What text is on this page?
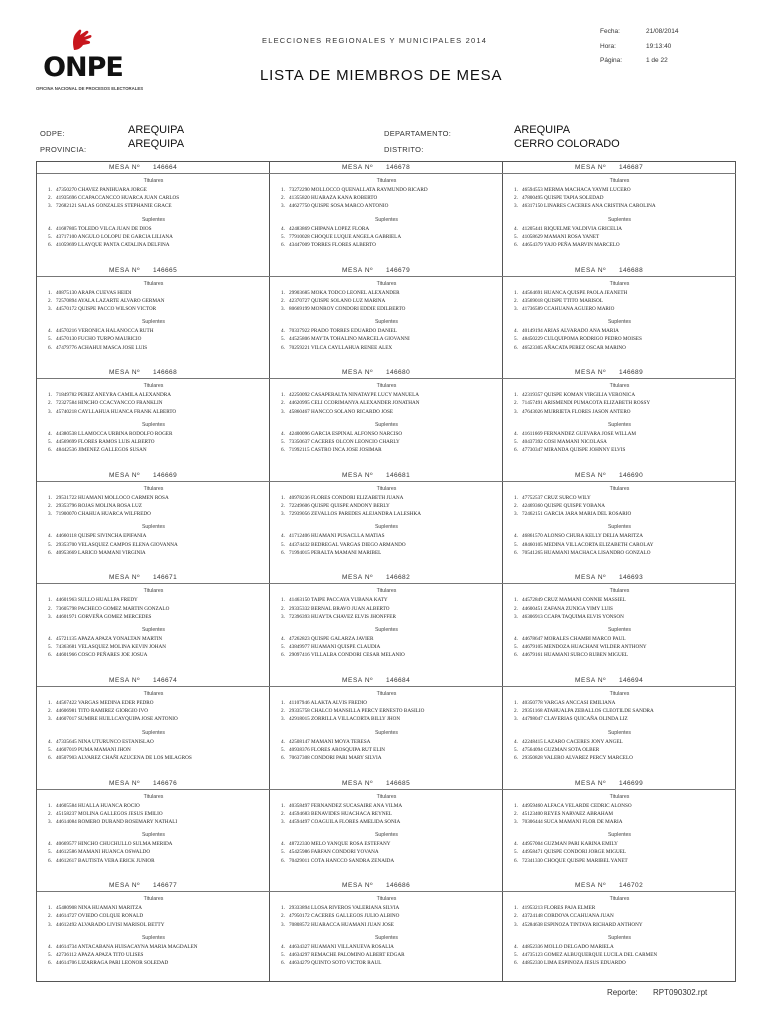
ONPE
OFICINA NACIONAL DE PROCESOS ELECTORALES
ELECCIONES REGIONALES Y MUNICIPALES 2014
LISTA DE MIEMBROS DE MESA
Fecha:	21/08/2014
Hora:	19:13:40
Página:	1 de 22
ODPE:	AREQUIPA
PROVINCIA:	AREQUIPA
DEPARTAMENTO:	AREQUIPA
DISTRITO:	CERRO COLORADO
MESA Nº 146664
Titulares
1. 47350270 CHAVEZ PANIHUARA JORGE
2. 41935696 CCAPACCANCCO HUARCA JUAN CARLOS
3. 72682121 SALAS GONZALES STEPHANIE GRACE
Suplentes
4. 41687805 TOLEDO VILCA JUAN DE DIOS
5. 43717100 ANGULO LOLOPU DE GARCIA LILIANA
6. 41059699 LLAYQUE PANTA CATALINA DELFINA
MESA Nº 146665
Titulares
1. 40875130 ARAPA CUEVAS HEIDI
2. 72570894 AYALA LAZARTE ALVARO GERMAN
3. 44570172 QUISPE PACCO WILSON VICTOR
Suplentes
4. 44570216 VERONICA HALANOCCA RUTH
5. 44570130 FUCHO TURPO MAURICIO
6. 47479776 ACHAHUI MASCA JOSE LUIS
MESA Nº 146668
Titulares
1. 71849782 PEREZ ANEYRA CAMILA ALEXANDRA
2. 72327584 HINCHO CCACYANCCO FRANKLIN
3. 45740218 CAYLLAHUA HUANCA FRANK ALBERTO
Suplentes
4. 44380538 LLAMOCCA URBINA RODOLFO ROGER
5. 44569699 FLORES RAMOS LUIS ALBERTO
6. 48442536 JIMENEZ GALLEGOS SUSAN
MESA Nº 146669
Titulares
1. 29531722 HUAMANI MOLLOCO CARMEN ROSA
2. 29353796 ROJAS MOLINA ROSA LUZ
3. 71900070 CHAHUA HUARCA WILFREDO
Suplentes
4. 44660118 QUISPE SIVINCHA EPIFANIA
5. 29353700 VELASQUEZ CAMPOS ELENA GIOVANNA
6. 40953669 LARICO MAMANI VIRGINIA
MESA Nº 146671
Titulares
1. 44601963 SULLO HUALLPA FREDY
2. 73605798 PACHECO GOMEZ MARTIN GONZALO
3. 44601971 GORVEÑA GOMEZ MERCEDES
Suplentes
4. 45721135 APAZA APAZA YONALTAN MARTIN
5. 74363681 VELASQUEZ MOLINA KEVIN JOHAN
6. 44601966 COSCO PEÑARES JOE JOSUA
MESA Nº 146674
Titulares
1. 44567422 VARGAS MEDINA EDER PEDRO
2. 44606981 TITO RAMIREZ GIORGIO IVO
3. 44607017 SUMIRE HUILLCAYQUIPA JOSE ANTONIO
Suplentes
4. 47335645 NINA UTURUNCO ESTANISLAO
5. 44607019 PUMA MAMANI JHON
6. 40507903 ALVAREZ CHAÑI AZUCENA DE LOS MILAGROS
MESA Nº 146676
Titulares
1. 44605584 HUALLA HUANCA ROCIO
2. 45158237 MOLINA GALLEGOS JESUS EMILIO
3. 44614084 ROMERO DURAND ROSEMARY NATHALI
Suplentes
4. 40669577 HINCHO CHUCHULLO SULMA MERIDA
5. 44612586 MAMANI HUANCA OSWALDO
6. 44612617 BAUTISTA VERA ERICK JUNIOR
MESA Nº 146677
Titulares
1. 45480908 NINA HUAMANI MARITZA
2. 44614727 OVIEDO COLQUE RONALD
3. 44612492 ALVARADO LIVISI MARISOL BETTY
Suplentes
4. 44614734 ANTACABANA HUISACAYNA MARIA MAGDALEN
5. 42736112 APAZA APAZA TITO ULISES
6. 44614706 LIZARRAGA PARI LEONOR SOLEDAD
MESA Nº 146678
Titulares
1. 73272290 MOLLOCCO QUENALLATA RAYMUNDO RICARD
2. 41355820 HUARAZA KANA ROBERTO
3. 44627750 QUISPE SOSA MARCO ANTONIO
Suplentes
4. 42483869 CHIPANA LOPEZ FLORA
5. 77910028 CHOQUE LUQUE ANGELA GABRIELA
6. 43447009 TORRES FLORES ALBERTO
MESA Nº 146679
Titulares
1. 29903685 MOKA TODCO LEONEL ALEXANDER
2. 42370727 QUISPE SOLANO LUZ MARINA
3. 80669199 MONROY CONDORI EDDIE EDILBERTO
Suplentes
4. 70337922 PRADO TORRES EDUARDO DANIEL
5. 44525806 MAYTA TOHALINO MARCELA GIOVANNI
6. 70259221 VILCA CAYLLAHUA RENEE ALEX
MESA Nº 146680
Titulares
1. 42250092 CASAPERALTA NINATAYPE LUCY MANUELA
2. 44620995 CELI CCORIMANYA ALEXANDER JONATHAN
3. 45860467 HANCCO SOLANO RICARDO JOSE
Suplentes
4. 42400096 GARCIA ESPINAL ALFONSO NARCISO
5. 73350637 CACERES OLCON LEONCIO CHARLY
6. 71992115 CASTRO INCA JOSE JOSIMAR
MESA Nº 146681
Titulares
1. 40978236 FLORES CONDORI ELIZABETH JUANA
2. 72249606 QUISPE QUISPE ANDONY BERLY
3. 72939056 ZEVALLOS PAREDES ALEJANDRA LALESHKA
Suplentes
4. 41712406 HUAMANI PUSACLLA MATIAS
5. 44374432 BEDREGAL VARGAS DIEGO ARMANDO
6. 71994015 PERALTA MAMANI MARIBEL
MESA Nº 146682
Titulares
1. 41463150 TAIPE PACCAYA YUBANA KATY
2. 29335332 BERNAL BRAVO JUAN ALBERTO
3. 72396393 HUAYTA CHAVEZ ELVIS JHONFFER
Suplentes
4. 47262823 QUISPE GALARZA JAVIER
5. 43849977 HUAMANI QUISPE CLAUDIA
6. 29097416 VILLALBA CONDORI CESAR MELANIO
MESA Nº 146684
Titulares
1. 41107946 ALAKTA ALVIS FREDIO
2. 29335758 CHALCO MANSILLA PERCY ERNESTO BASILIO
3. 42918015 ZORRILLA VILLACORTA BILLY JHON
Suplentes
4. 42508147 MAMANI MOYA TERESA
5. 40938376 FLORES AROSQUIPA RUT ELIN
6. 70637308 CONDORI PARI MARY SILVIA
MESA Nº 146685
Titulares
1. 40358497 FERNANDEZ SUCASAIRE ANA VILMA
2. 44594683 BENAVIDES HUACHACA REYNEL
3. 44594497 COAGUILA FLORES AMELIDA SONIA
Suplentes
4. 48722330 MELO YANQUE ROSA ESTEFANY
5. 45425986 FARFAN CONDORI YOVANA
6. 70429011 COTA HANCCO SANDRA ZENAIDA
MESA Nº 146686
Titulares
1. 29333894 LLOSA RIVEROS VALERIANA SILVIA
2. 47950172 CACERES GALLEGOS JULIO ALBINO
3. 70808572 HUARACCA HUAMANI JUAN JOSE
Suplentes
4. 44634327 HUAMANI VILLANUEVA ROSALIA
5. 44634297 REMACHE PALOMINO ALBERT EDGAR
6. 44634279 QUINTO SOTO VICTOR RAUL
MESA Nº 146687
Titulares
1. 46594553 MERMA MACHACA YAYMI LUCERO
2. 47800495 QUISPE TAPIA SOLEDAD
3. 46317150 LINARES CACERES ANA CRISTINA CAROLINA
Suplentes
4. 41205441 RIQUELME VALDIVIA GRICELIA
5. 41058629 MAMANI ROSA YANET
6. 44654379 YAJO PEÑA MARVIN MARCELO
MESA Nº 146688
Titulares
1. 44564691 HUANCA QUISPE PAOLA JEANETH
2. 43569018 QUISPE TTITO MARISOL
3. 41736589 CCAHUANA AGUERO MARIO
Suplentes
4. 40149194 ARIAS ALVARADO ANA MARIA
5. 48450229 CULQUIPOMA RODRIGO PEDRO MOISES
6. 46523305 AÑACATA PEREZ OSCAR MARINO
MESA Nº 146689
Titulares
1. 42319357 QUISPE KOMAN VIRGILIA VERONICA
2. 71457491 ARISMENDI PUMACOTA ELIZABETH ROSSY
3. 47643026 MURRIETA FLORES JASON ANTERO
Suplentes
4. 41611669 FERNANDEZ GUEVARA JOSE WILLAM
5. 40437392 COSI MAMANI NICOLASA
6. 47730347 MIRANDA QUISPE JOHNNY ELVIS
MESA Nº 146690
Titulares
1. 47752537 CRUZ SURCO WILY
2. 42469360 QUISPE QUISPE YOBANA
3. 72462151 GARCIA JARA MARIA DEL ROSARIO
Suplentes
4. 46861570 ALONSO CHURA KELLY DELIA MARITZA
5. 48460105 MEDINA VILLACORTA ELIZABETH CAROLAY
6. 70541265 HUAMANI MACHACA LISANDRO GONZALO
MESA Nº 146693
Titulares
1. 44572849 CRUZ MAMANI CONNIE MASSIEL
2. 44600451 ZAFANA ZUNIGA YIMY LUIS
3. 46306913 CCAPA TAQUIMA ELVIS YONSON
Suplentes
4. 44678647 MORALES CHAMBI MARCO PAUL
5. 44679105 MENDOZA HUACHANI WILDER ANTHONY
6. 44679161 HUAMANI SURCO RUBEN MIGUEL
MESA Nº 146694
Titulares
1. 40350778 VARGAS ANCCASI EMILIANA
2. 29351168 ATAHUALPA ZEBALLOS CLEOTILDE SANDRA
3. 44798047 CLAVERIAS QUICAÑA OLINDA LIZ
Suplentes
4. 42248415 LAZARO CACERES JONY ANGEL
5. 47564094 GUZMAN SOTA OLBER
6. 29350828 VALERO ALVAREZ PERCY MARCELO
MESA Nº 146699
Titulares
1. 44959460 ALFACA VELARDE CEDRIC ALONSO
2. 45123400 REYES NARVAEZ ABRAHAM
3. 70306444 SUCA MAMANI FLOR DE MARIA
Suplentes
4. 44957004 GUZMAN PARI KARINA EMILY
5. 44958471 QUISPE CONDORI JORGE MIGUEL
6. 72341330 CHOQUE QUISPE MARIBEL YANET
MESA Nº 146702
Titulares
1. 41953213 FLORES PAJA ELMER
2. 43724148 CORDOVA CCAHUANA JUAN
3. 45284638 ESPINOZA TINTAYA RICHARD ANTHONY
Suplentes
4. 44852336 MOLLO DELGADO MARIELA
5. 44735123 GOMEZ ALBUQUERQUE LUCILA DEL CARMEN
6. 44852330 LIMA ESPINOZA JESUS EDUARDO
Reporte: RPT090302.rpt
